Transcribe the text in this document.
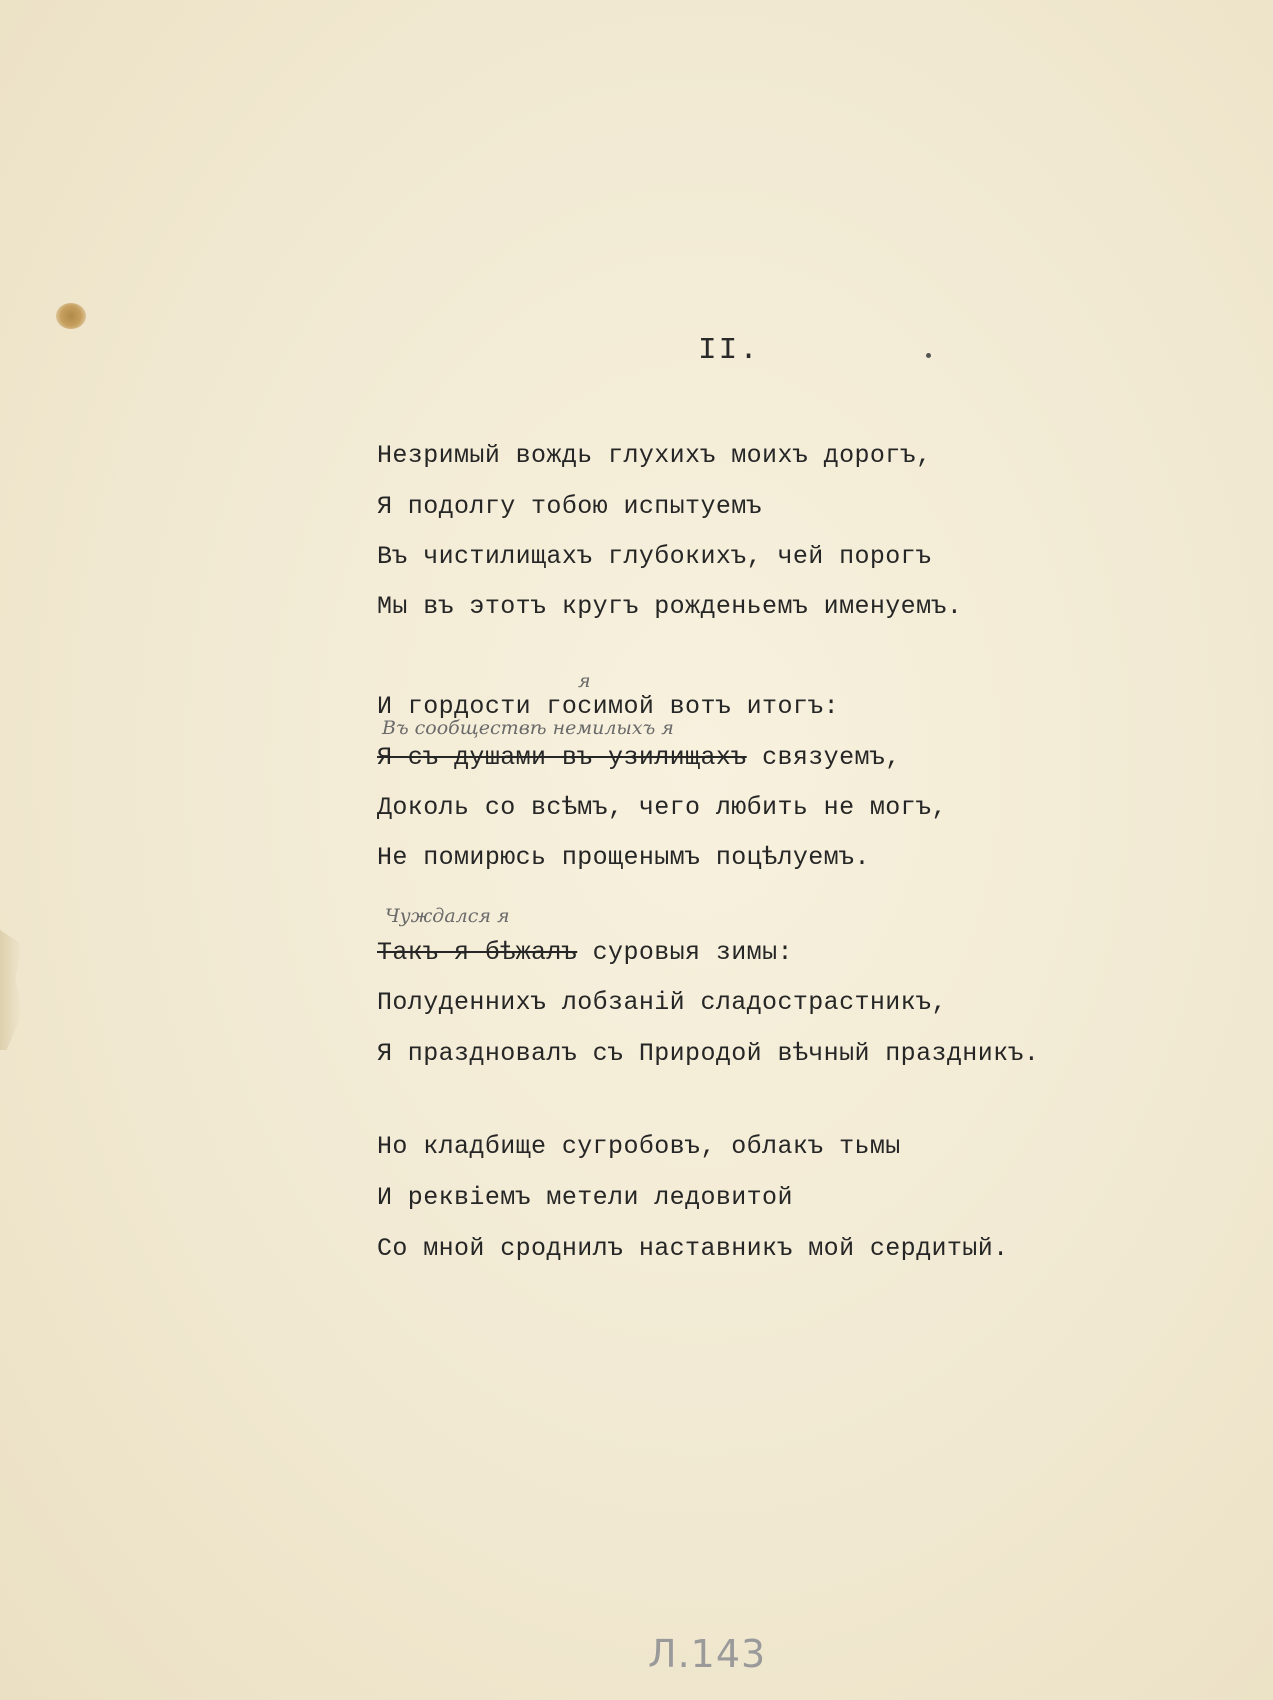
II.
Незримый вождь глухихъ моихъ дорогъ,
Я подолгу тобою испытуемъ
Въ чистилищахъ глубокихъ, чей порогъ
Мы въ этотъ кругъ рожденьемъ именуемъ.
я
И гордости госимой вотъ итогъ:
Въ сообществѣ немилыхъ я
Я съ душами въ узилищахъ связуемъ,
Доколь со всѣмъ, чего любить не могъ,
Не помирюсь прощенымъ поцѣлуемъ.
Чуждался я
Такъ я бѣжалъ суровыя зимы:
Полуденнихъ лобзаній сладострастникъ,
Я праздновалъ съ Природой вѣчный праздникъ.
Но кладбище сугробовъ, облакъ тьмы
И реквіемъ метели ледовитой
Со мной сроднилъ наставникъ мой сердитый.
Л.143
